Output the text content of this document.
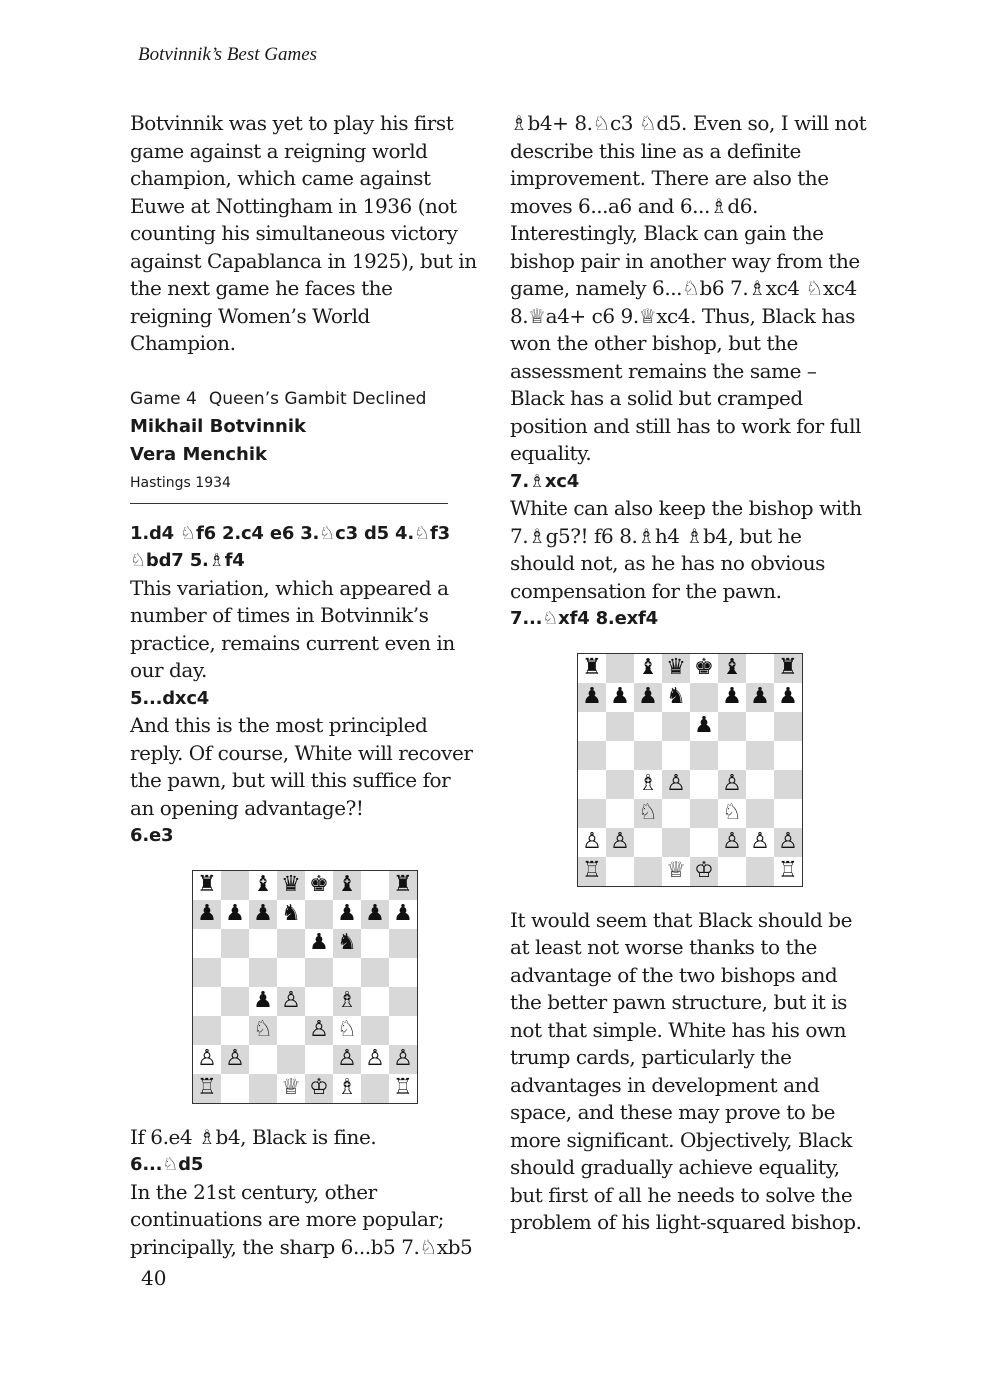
Botvinnik’s Best Games

Botvinnik was yet to play his first game against a reigning world champion, which came against Euwe at Nottingham in 1936 (not counting his simultaneous victory against Capablanca in 1925), but in the next game he faces the reigning Women’s World Champion.

Game 4 Queen’s Gambit Declined
Mikhail Botvinnik
Vera Menchik
Hastings 1934

1.d4 ♘f6 2.c4 e6 3.♘c3 d5 4.♘f3 ♘bd7 5.♗f4

This variation, which appeared a number of times in Botvinnik’s practice, remains current even in our day.

5...dxc4

And this is the most principled reply. Of course, White will recover the pawn, but will this suffice for an opening advantage?!

6.e3

♜ ♝ ♛ ♚ ♝ ♜
♟ ♟ ♟ ♞ ♟ ♟ ♟
♟ ♞
♟ ♙ ♗
♘ ♙ ♘
♙ ♙	♙ ♙ ♙
♖	♕ ♔ ♗ ♖

If 6.e4 ♗b4, Black is fine.

6...♘d5

In the 21st century, other continuations are more popular; principally, the sharp 6...b5 7.♘xb5

♗b4+ 8.♘c3 ♘d5. Even so, I will not describe this line as a definite improvement. There are also the moves 6...a6 and 6...♗d6. Interestingly, Black can gain the bishop pair in another way from the game, namely 6...♘b6 7.♗xc4 ♘xc4 8.♕a4+ c6 9.♕xc4. Thus, Black has won the other bishop, but the assessment remains the same – Black has a solid but cramped position and still has to work for full equality.

7.♗xc4

White can also keep the bishop with 7.♗g5?! f6 8.♗h4 ♗b4, but he should not, as he has no obvious compensation for the pawn.

7...♘xf4 8.exf4

♜ ♝ ♛ ♚ ♝ ♜
♟ ♟ ♟ ♞ ♟ ♟ ♟
♟
♗ ♙ ♙
♘	♘
♙ ♙	♙ ♙ ♙
♖	♕ ♔	♖

It would seem that Black should be at least not worse thanks to the advantage of the two bishops and the better pawn structure, but it is not that simple. White has his own trump cards, particularly the advantages in development and space, and these may prove to be more significant. Objectively, Black should gradually achieve equality, but first of all he needs to solve the problem of his light-squared bishop.

40
